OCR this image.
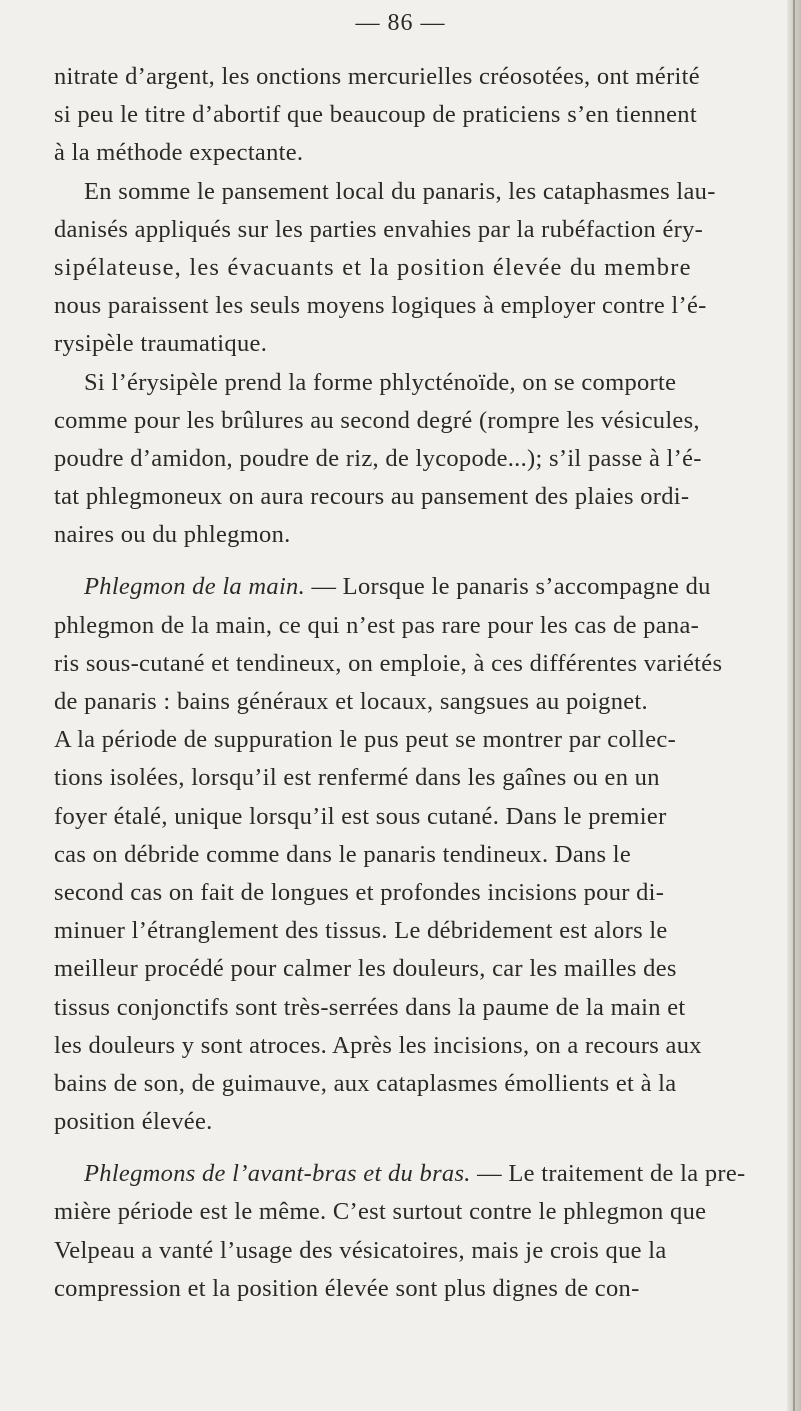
— 86 —
nitrate d’argent, les onctions mercurielles créosotées, ont mérité
si peu le titre d’abortif que beaucoup de praticiens s’en tiennent
à la méthode expectante.
En somme le pansement local du panaris, les cataphasmes lau-
danisés appliqués sur les parties envahies par la rubéfaction éry-
sipélateuse, les évacuants et la position élevée du membre
nous paraissent les seuls moyens logiques à employer contre l’é-
rysipèle traumatique.
Si l’érysipèle prend la forme phlycténoïde, on se comporte
comme pour les brûlures au second degré (rompre les vésicules,
poudre d’amidon, poudre de riz, de lycopode...); s’il passe à l’é-
tat phlegmoneux on aura recours au pansement des plaies ordi-
naires ou du phlegmon.
Phlegmon de la main. — Lorsque le panaris s’accompagne du
phlegmon de la main, ce qui n’est pas rare pour les cas de pana-
ris sous-cutané et tendineux, on emploie, à ces différentes variétés
de panaris : bains généraux et locaux, sangsues au poignet.
A la période de suppuration le pus peut se montrer par collec-
tions isolées, lorsqu’il est renfermé dans les gaînes ou en un
foyer étalé, unique lorsqu’il est sous cutané. Dans le premier
cas on débride comme dans le panaris tendineux. Dans le
second cas on fait de longues et profondes incisions pour di-
minuer l’étranglement des tissus. Le débridement est alors le
meilleur procédé pour calmer les douleurs, car les mailles des
tissus conjonctifs sont très-serrées dans la paume de la main et
les douleurs y sont atroces. Après les incisions, on a recours aux
bains de son, de guimauve, aux cataplasmes émollients et à la
position élevée.
Phlegmons de l’avant-bras et du bras. — Le traitement de la pre-
mière période est le même. C’est surtout contre le phlegmon que
Velpeau a vanté l’usage des vésicatoires, mais je crois que la
compression et la position élevée sont plus dignes de con-
